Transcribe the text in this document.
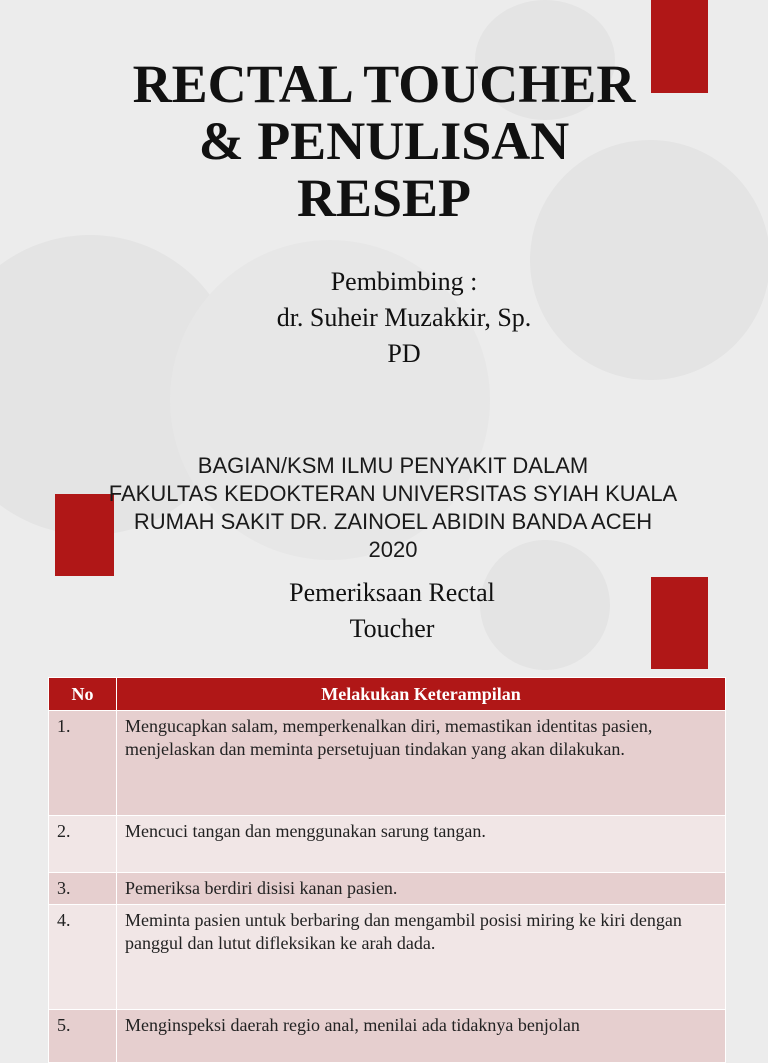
RECTAL TOUCHER
& PENULISAN
RESEP
Pembimbing :
dr. Suheir Muzakkir, Sp.
PD
BAGIAN/KSM ILMU PENYAKIT DALAM
FAKULTAS KEDOKTERAN UNIVERSITAS SYIAH KUALA
RUMAH SAKIT DR. ZAINOEL ABIDIN BANDA ACEH
2020
Pemeriksaan Rectal
Toucher
No	Melakukan Keterampilan
1.	Mengucapkan salam, memperkenalkan diri, memastikan identitas pasien, menjelaskan dan meminta persetujuan tindakan yang akan dilakukan.
2.	Mencuci tangan dan menggunakan sarung tangan.
3.	Pemeriksa berdiri disisi kanan pasien.
4.	Meminta pasien untuk berbaring dan mengambil posisi miring ke kiri dengan panggul dan lutut difleksikan ke arah dada.
5.	Menginspeksi daerah regio anal, menilai ada tidaknya benjolan
